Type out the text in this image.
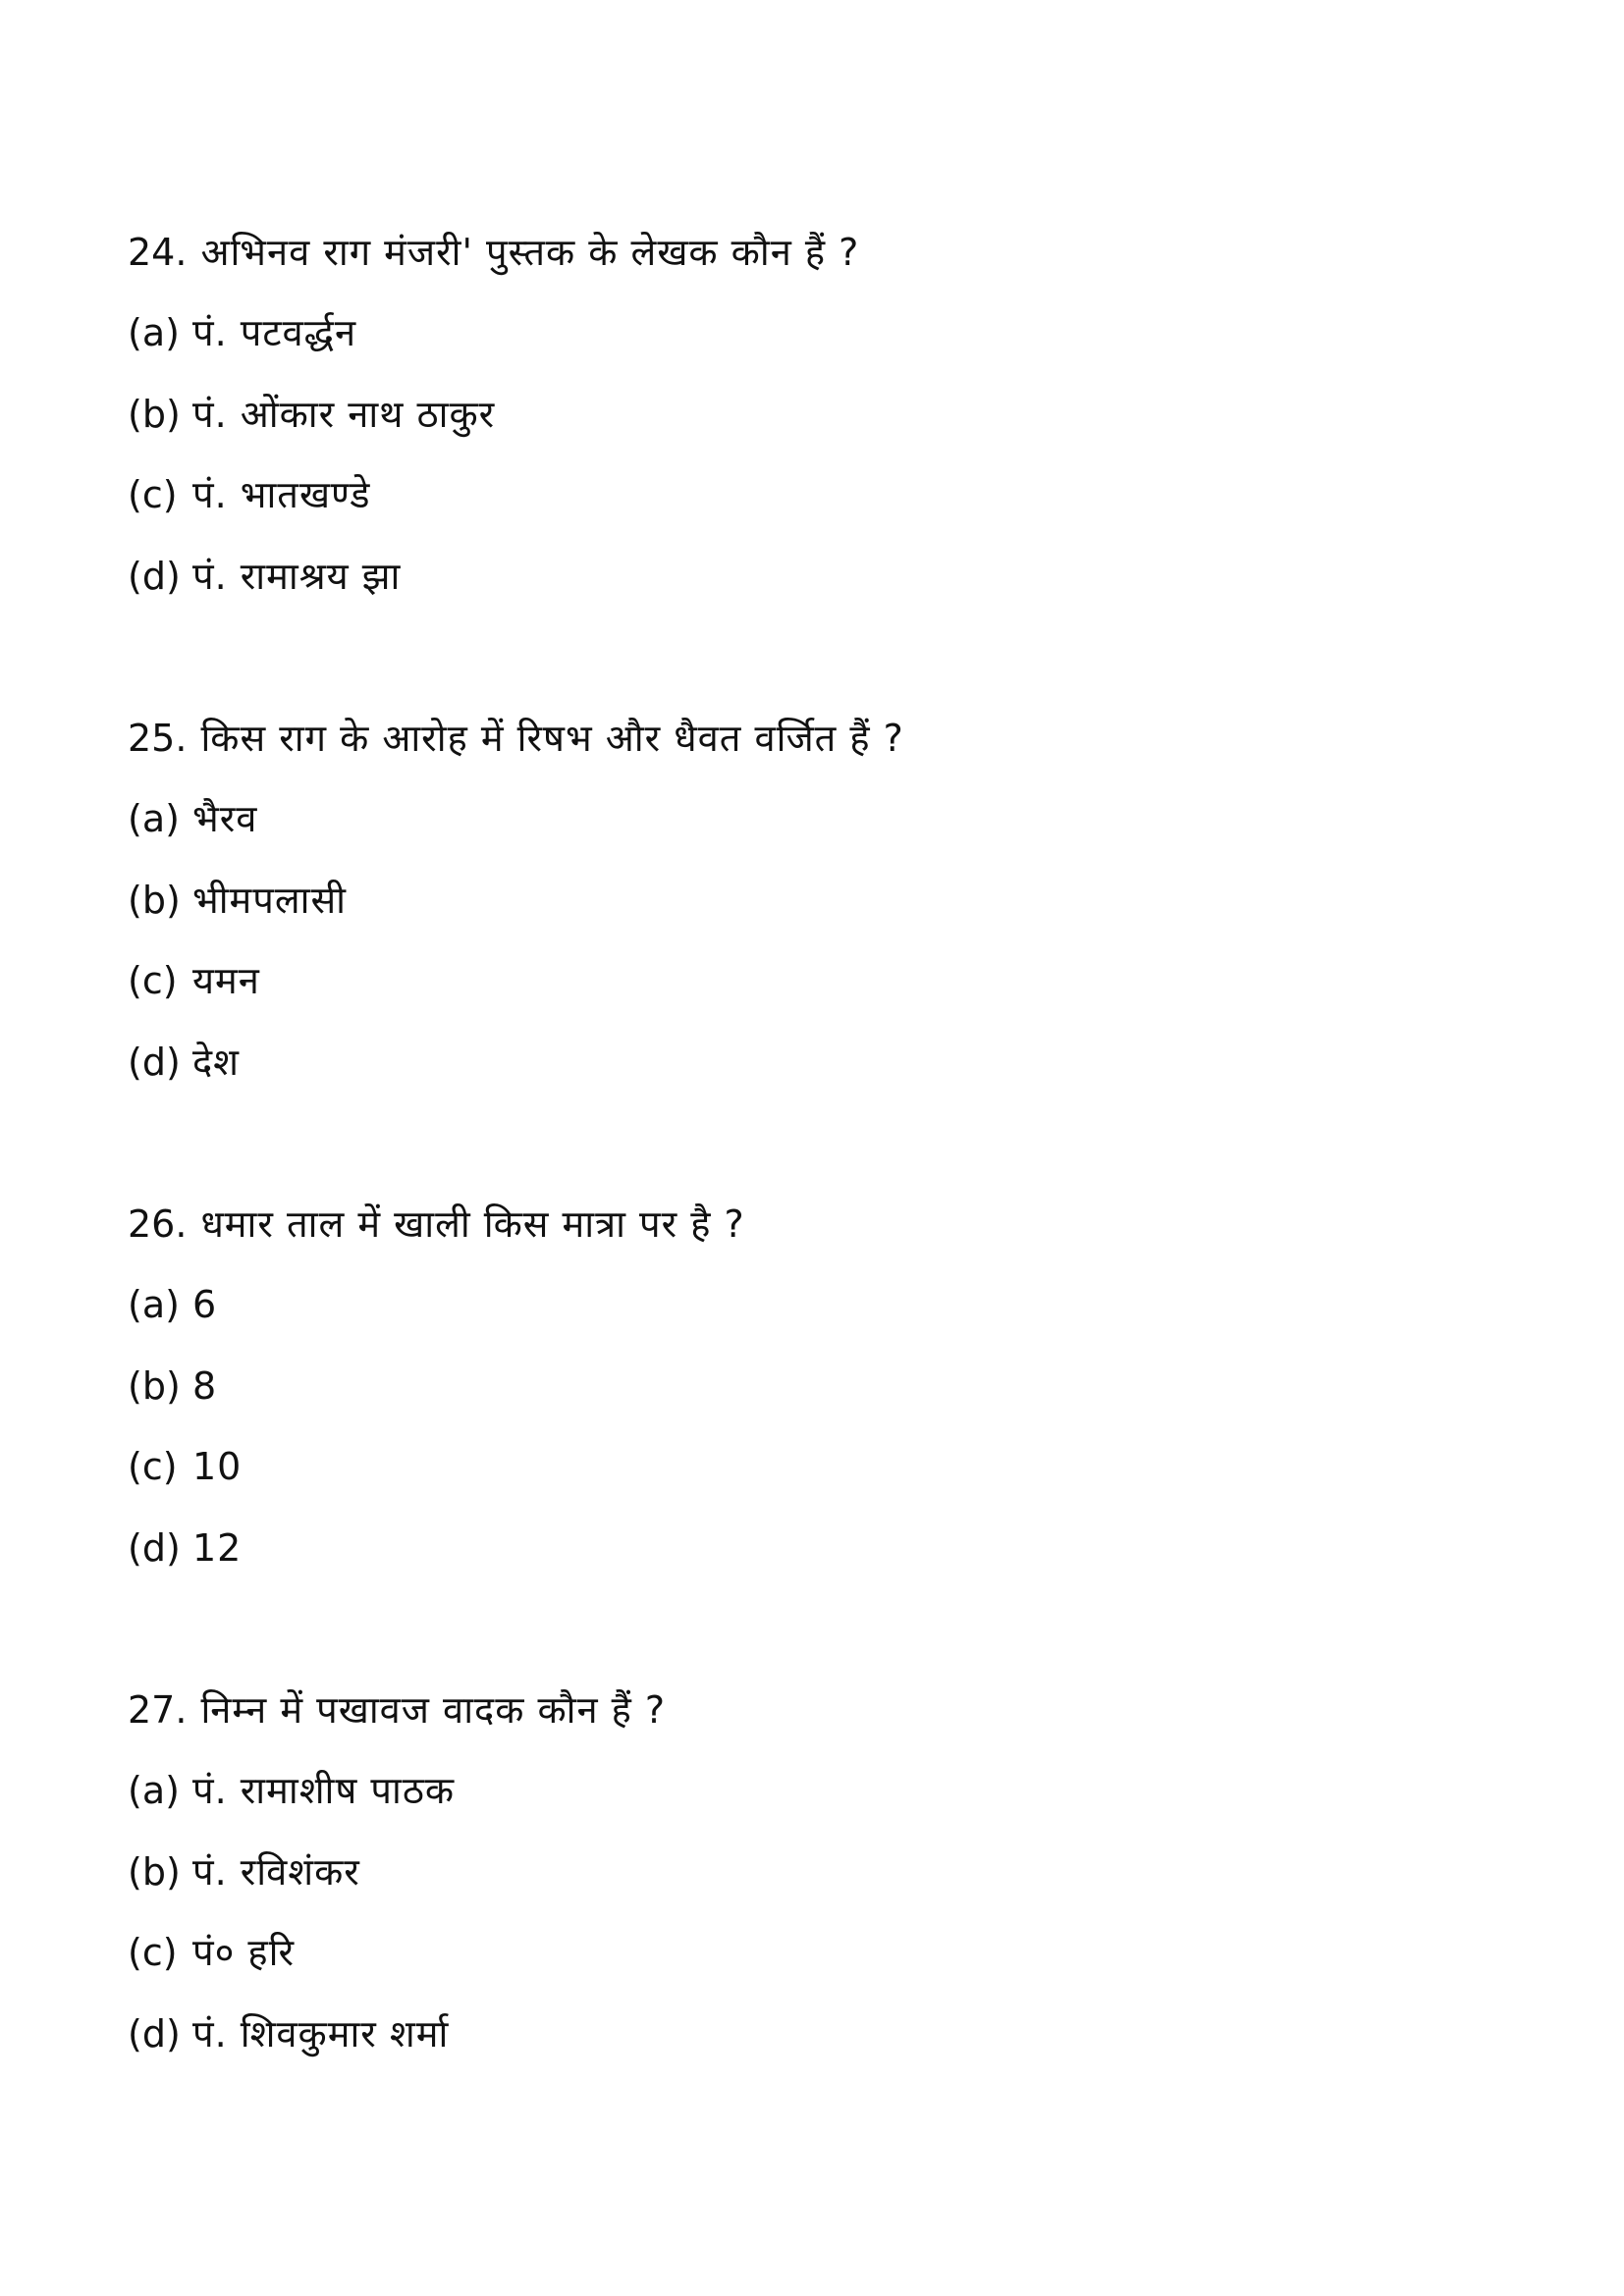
24. अभिनव राग मंजरी' पुस्तक के लेखक कौन हैं ?
(a) पं. पटवर्द्धन
(b) पं. ओंकार नाथ ठाकुर
(c) पं. भातखण्डे
(d) पं. रामाश्रय झा
25. किस राग के आरोह में रिषभ और धैवत वर्जित हैं ?
(a) भैरव
(b) भीमपलासी
(c) यमन
(d) देश
26. धमार ताल में खाली किस मात्रा पर है ?
(a) 6
(b) 8
(c) 10
(d) 12
27. निम्न में पखावज वादक कौन हैं ?
(a) पं. रामाशीष पाठक
(b) पं. रविशंकर
(c) पं० हरि
(d) पं. शिवकुमार शर्मा
